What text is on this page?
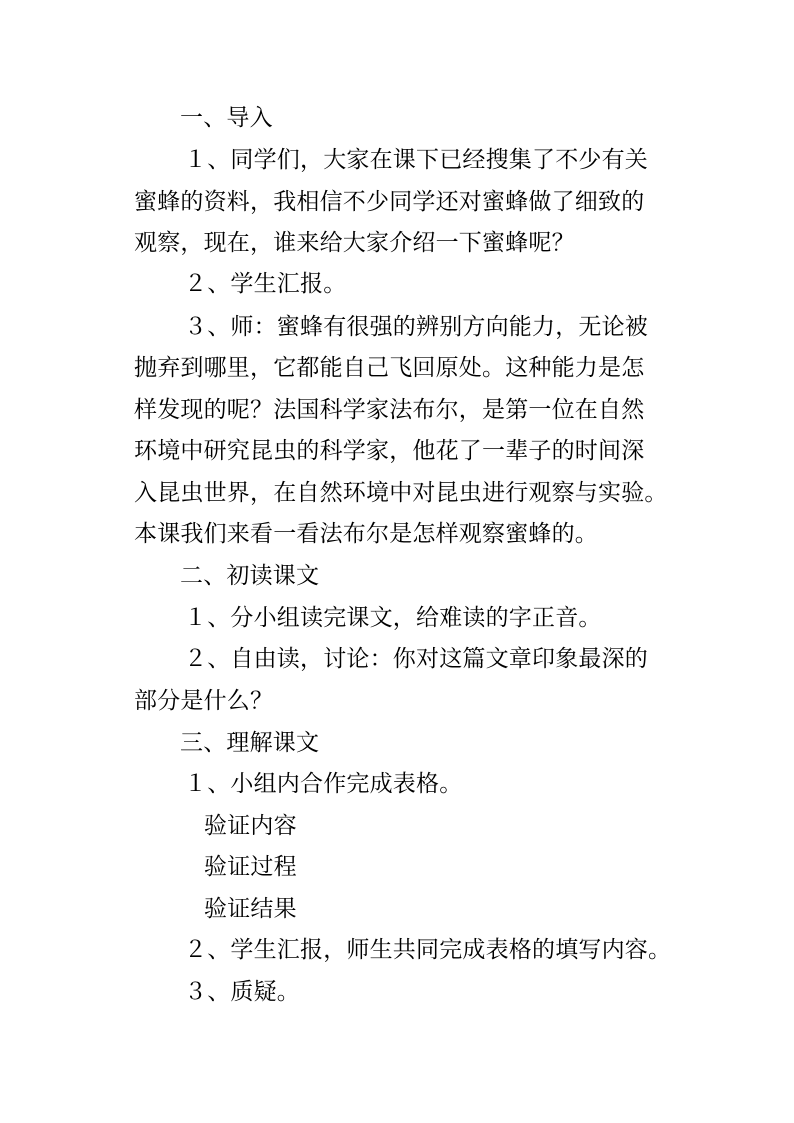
一、导入
１、同学们，大家在课下已经搜集了不少有关
蜜蜂的资料，我相信不少同学还对蜜蜂做了细致的
观察，现在，谁来给大家介绍一下蜜蜂呢？
２、学生汇报。
３、师：蜜蜂有很强的辨别方向能力，无论被
抛弃到哪里，它都能自己飞回原处。这种能力是怎
样发现的呢？法国科学家法布尔，是第一位在自然
环境中研究昆虫的科学家，他花了一辈子的时间深
入昆虫世界，在自然环境中对昆虫进行观察与实验。
本课我们来看一看法布尔是怎样观察蜜蜂的。
二、初读课文
１、分小组读完课文，给难读的字正音。
２、自由读，讨论：你对这篇文章印象最深的
部分是什么？
三、理解课文
１、小组内合作完成表格。
验证内容
验证过程
验证结果
２、学生汇报，师生共同完成表格的填写内容。
３、质疑。
